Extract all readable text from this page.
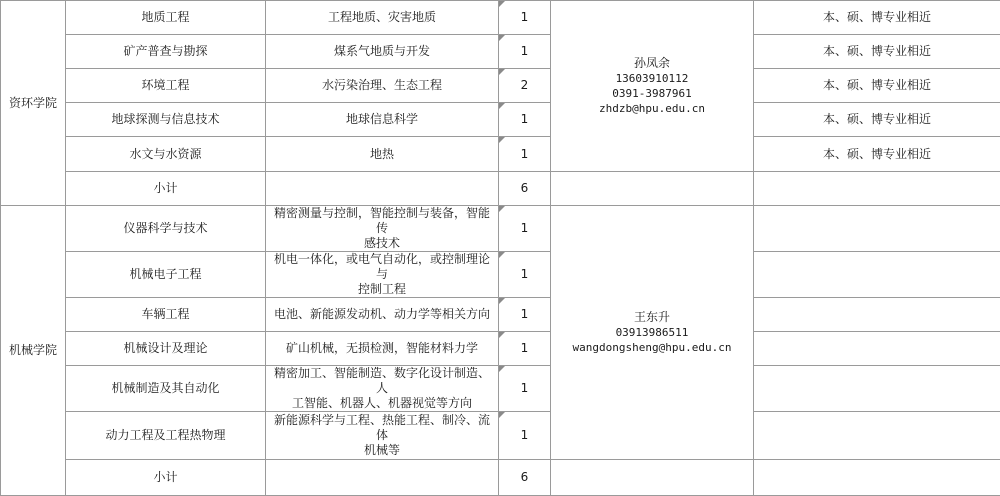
资环学院	地质工程	工程地质、灾害地质	1	孙凤余
13603910112
0391-3987961
zhdzb@hpu.edu.cn	本、硕、博专业相近
	矿产普查与勘探	煤系气地质与开发	1		本、硕、博专业相近
	环境工程	水污染治理、生态工程	2		本、硕、博专业相近
	地球探测与信息技术	地球信息科学	1		本、硕、博专业相近
	水文与水资源	地热	1		本、硕、博专业相近
	小计		6		
机械学院	仪器科学与技术	精密测量与控制，智能控制与装备，智能传
感技术	1	王东升
03913986511
wangdongsheng@hpu.edu.cn	

	机械电子工程	机电一体化，或电气自动化，或控制理论与
控制工程	1		
	车辆工程	电池、新能源发动机、动力学等相关方向	1		
	机械设计及理论	矿山机械，无损检测，智能材料力学	1		
	机械制造及其自动化	精密加工、智能制造、数字化设计制造、人
工智能、机器人、机器视觉等方向	1		
	动力工程及工程热物理	新能源科学与工程、热能工程、制冷、流体
机械等	1		
	小计		6		
